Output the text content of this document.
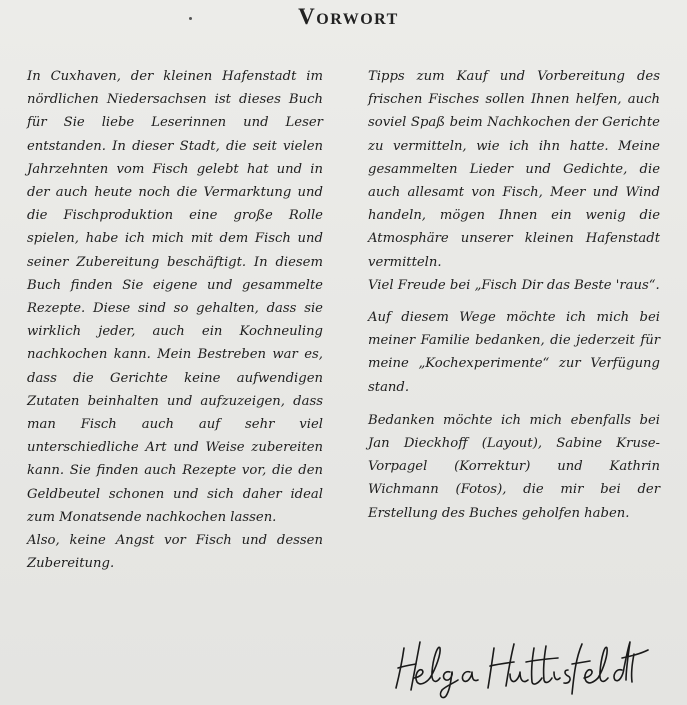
Vorwort

In Cuxhaven, der kleinen Hafenstadt im nördlichen Niedersachsen ist dieses Buch für Sie liebe Leserinnen und Leser entstanden. In dieser Stadt, die seit vielen Jahrzehnten vom Fisch gelebt hat und in der auch heute noch die Vermarktung und die Fischproduktion eine große Rolle spielen, habe ich mich mit dem Fisch und seiner Zubereitung beschäftigt. In diesem Buch finden Sie eigene und gesammelte Rezepte. Diese sind so gehalten, dass sie wirklich jeder, auch ein Kochneuling nachkochen kann. Mein Bestreben war es, dass die Gerichte keine aufwendigen Zutaten beinhalten und aufzuzeigen, dass man Fisch auch auf sehr viel unterschiedliche Art und Weise zubereiten kann. Sie finden auch Rezepte vor, die den Geldbeutel schonen und sich daher ideal zum Monatsende nachkochen lassen.

Also, keine Angst vor Fisch und dessen Zubereitung.

Tipps zum Kauf und Vorbereitung des frischen Fisches sollen Ihnen helfen, auch soviel Spaß beim Nachkochen der Gerichte zu vermitteln, wie ich ihn hatte. Meine gesammelten Lieder und Gedichte, die auch allesamt von Fisch, Meer und Wind handeln, mögen Ihnen ein wenig die Atmosphäre unserer kleinen Hafenstadt vermitteln.

Viel Freude bei „Fisch Dir das Beste 'raus“.

Auf diesem Wege möchte ich mich bei meiner Familie bedanken, die jederzeit für meine „Kochexperimente“ zur Verfügung stand.

Bedanken möchte ich mich ebenfalls bei Jan Dieckhoff (Layout), Sabine Kruse-Vorpagel (Korrektur) und Kathrin Wichmann (Fotos), die mir bei der Erstellung des Buches geholfen haben.
